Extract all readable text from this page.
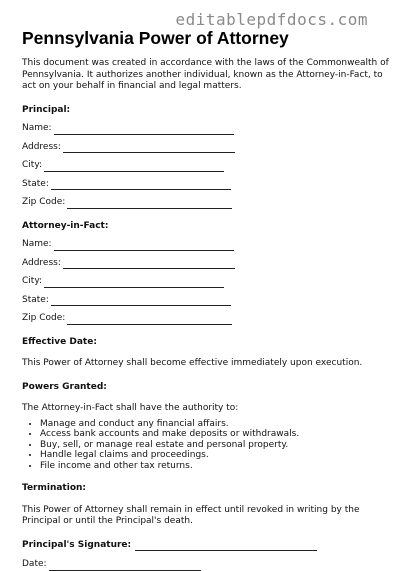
editablepdfdocs.com
Pennsylvania Power of Attorney

This document was created in accordance with the laws of the Commonwealth of Pennsylvania. It authorizes another individual, known as the Attorney-in-Fact, to act on your behalf in financial and legal matters.

Principal:

Name:
Address:
City:
State:
Zip Code:

Attorney-in-Fact:

Name:
Address:
City:
State:
Zip Code:

Effective Date:

This Power of Attorney shall become effective immediately upon execution.

Powers Granted:

The Attorney-in-Fact shall have the authority to:

• Manage and conduct any financial affairs.
• Access bank accounts and make deposits or withdrawals.
• Buy, sell, or manage real estate and personal property.
• Handle legal claims and proceedings.
• File income and other tax returns.

Termination:

This Power of Attorney shall remain in effect until revoked in writing by the Principal or until the Principal's death.

Principal's Signature:
Date:
